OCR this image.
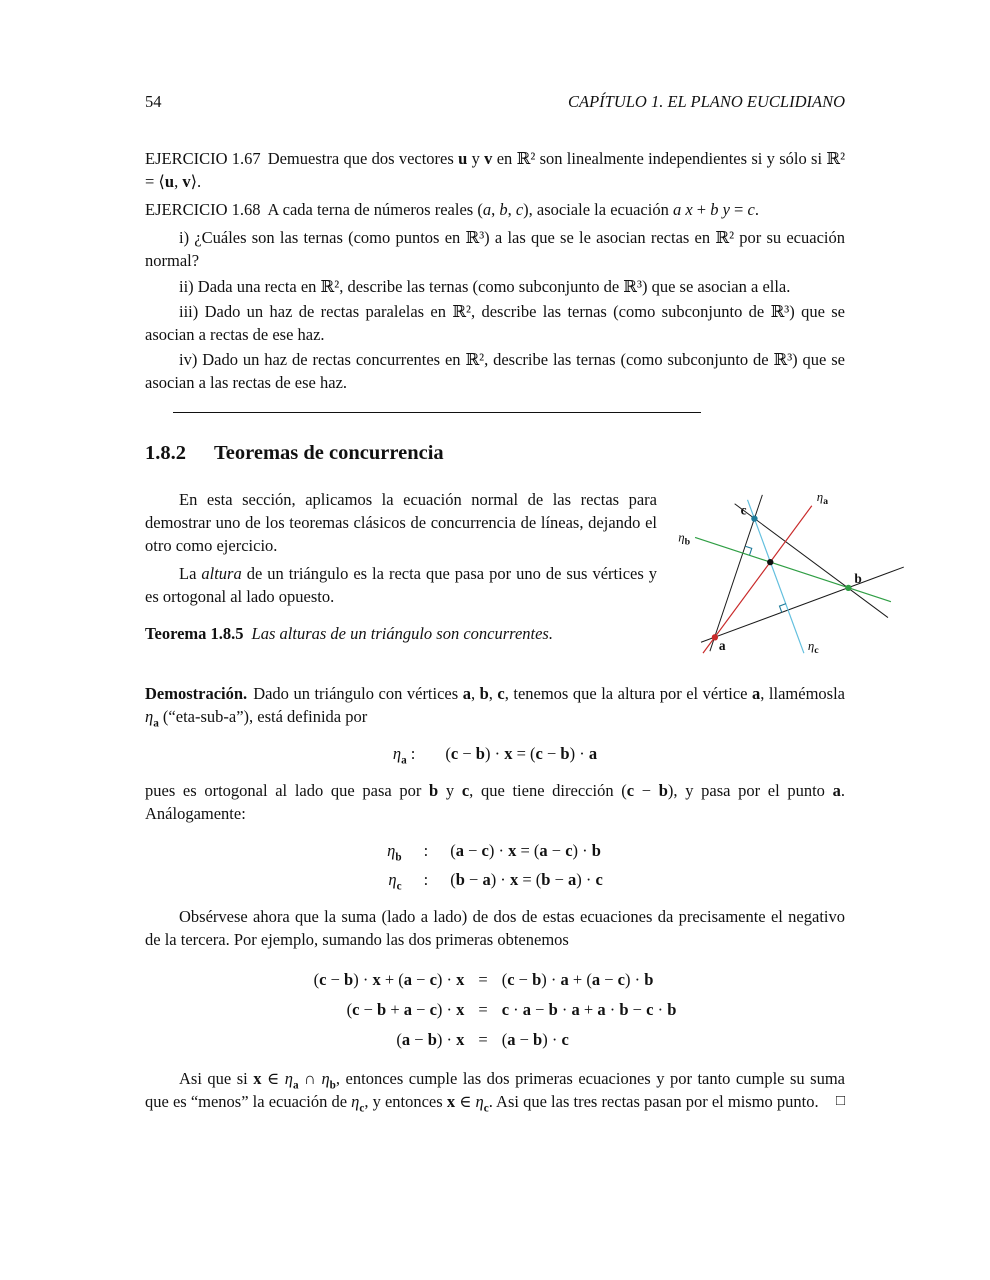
54	CAPÍTULO 1. EL PLANO EUCLIDIANO

EJERCICIO 1.67 Demuestra que dos vectores u y v en ℝ² son linealmente independientes si y sólo si ℝ² = ⟨u, v⟩.

EJERCICIO 1.68 A cada terna de números reales (a, b, c), asociale la ecuación a x + b y = c.

i) ¿Cuáles son las ternas (como puntos en ℝ³) a las que se le asocian rectas en ℝ² por su ecuación normal?

ii) Dada una recta en ℝ², describe las ternas (como subconjunto de ℝ³) que se asocian a ella.

iii) Dado un haz de rectas paralelas en ℝ², describe las ternas (como subconjunto de ℝ³) que se asocian a rectas de ese haz.

iv) Dado un haz de rectas concurrentes en ℝ², describe las ternas (como subconjunto de ℝ³) que se asocian a las rectas de ese haz.

1.8.2 Teoremas de concurrencia

En esta sección, aplicamos la ecuación normal de las rectas para demostrar uno de los teoremas clásicos de concurrencia de líneas, dejando el otro como ejercicio.

La altura de un triángulo es la recta que pasa por uno de sus vértices y es ortogonal al lado opuesto.

c
b
a
$\eta_a$
$\eta_b$
$\eta_c$

Teorema 1.8.5 Las alturas de un triángulo son concurrentes.

Demostración. Dado un triángulo con vértices a, b, c, tenemos que la altura por el vértice a, llamémosla $\eta_a$ (“eta-sub-a”), está definida por

$\eta_a$ : (c − b) · x = (c − b) · a

pues es ortogonal al lado que pasa por b y c, que tiene dirección (c − b), y pasa por el punto a. Análogamente:

$\eta_b$ : (a − c) · x = (a − c) · b
$\eta_c$ : (b − a) · x = (b − a) · c

Obsérvese ahora que la suma (lado a lado) de dos de estas ecuaciones da precisamente el negativo de la tercera. Por ejemplo, sumando las dos primeras obtenemos

(c − b) · x + (a − c) · x = (c − b) · a + (a − c) · b
(c − b + a − c) · x = c · a − b · a + a · b − c · b
(a − b) · x = (a − b) · c
Asi que si x ∈ $\eta_a$ ∩ $\eta_b$, entonces cumple las dos primeras ecuaciones y por tanto cumple su suma que es “menos” la ecuación de $\eta_c$, y entonces x ∈ $\eta_c$. Asi que las tres rectas pasan por el mismo punto.	□
